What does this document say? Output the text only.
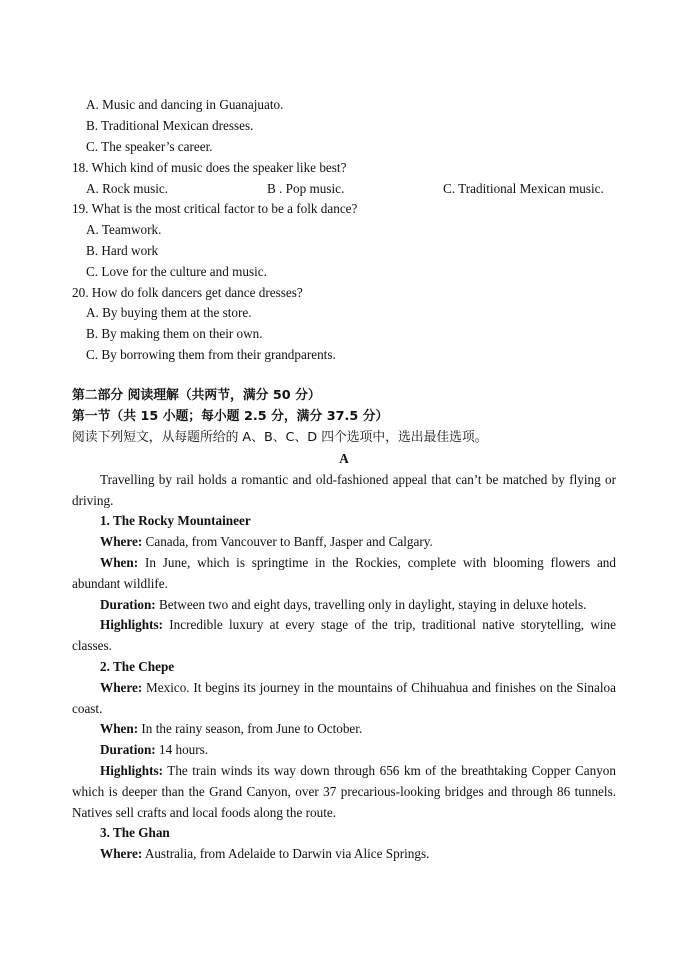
A. Music and dancing in Guanajuato.
B. Traditional Mexican dresses.
C. The speaker’s career.
18. Which kind of music does the speaker like best?
A. Rock music.	B . Pop music.	C. Traditional Mexican music.
19. What is the most critical factor to be a folk dance?
A. Teamwork.
B. Hard work
C. Love for the culture and music.
20. How do folk dancers get dance dresses?
A. By buying them at the store.
B. By making them on their own.
C. By borrowing them from their grandparents.
第二部分 阅读理解（共两节，满分 50 分）
第一节（共 15 小题；每小题 2.5 分，满分 37.5 分）
阅读下列短文，从每题所给的 A、B、C、D 四个选项中，选出最佳选项。
A
Travelling by rail holds a romantic and old-fashioned appeal that can’t be matched by flying or driving.
1. The Rocky Mountaineer
Where: Canada, from Vancouver to Banff, Jasper and Calgary.
When: In June, which is springtime in the Rockies, complete with blooming flowers and abundant wildlife.
Duration: Between two and eight days, travelling only in daylight, staying in deluxe hotels.
Highlights: Incredible luxury at every stage of the trip, traditional native storytelling, wine classes.
2. The Chepe
Where: Mexico. It begins its journey in the mountains of Chihuahua and finishes on the Sinaloa coast.
When: In the rainy season, from June to October.
Duration: 14 hours.
Highlights: The train winds its way down through 656 km of the breathtaking Copper Canyon which is deeper than the Grand Canyon, over 37 precarious-looking bridges and through 86 tunnels. Natives sell crafts and local foods along the route.
3. The Ghan
Where: Australia, from Adelaide to Darwin via Alice Springs.
